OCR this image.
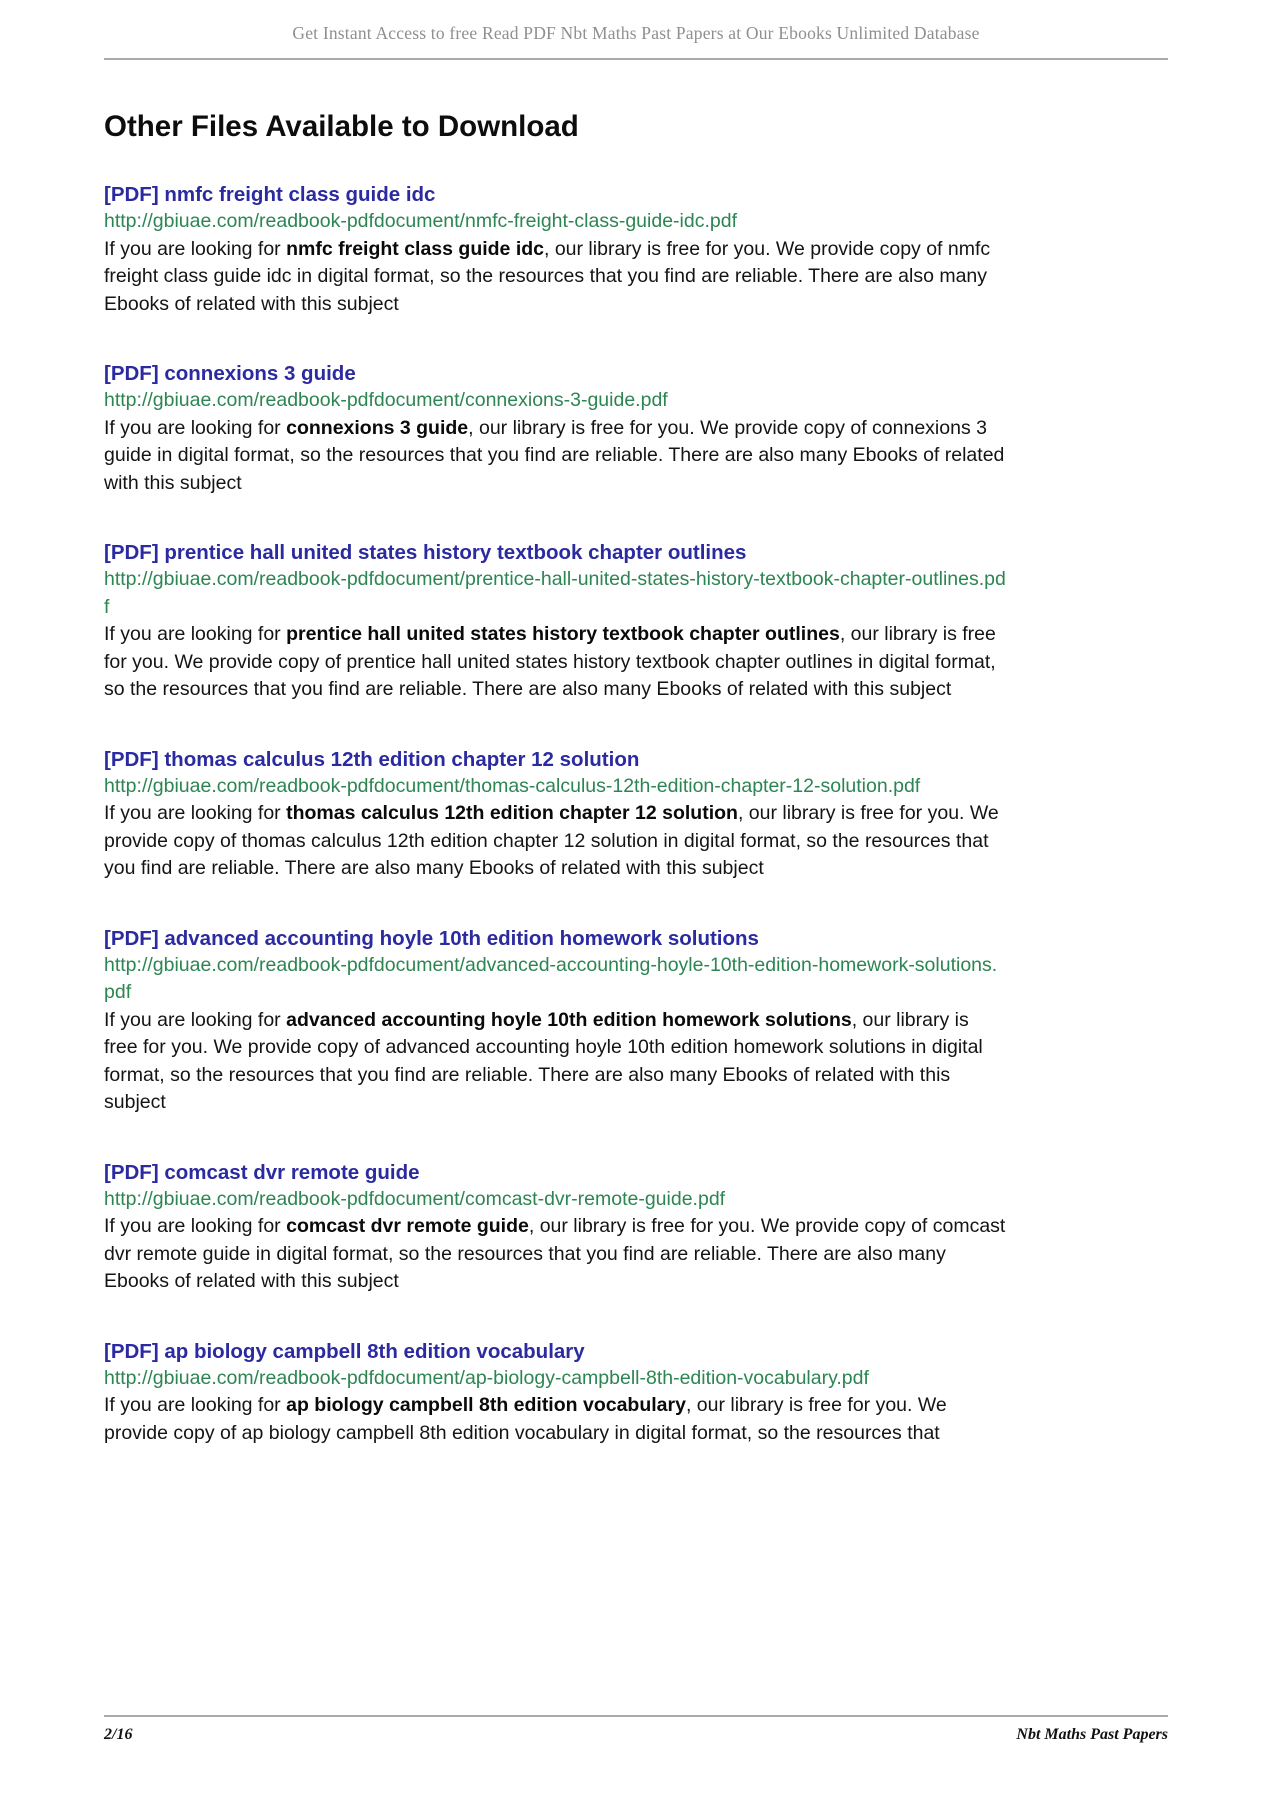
Get Instant Access to free Read PDF Nbt Maths Past Papers at Our Ebooks Unlimited Database
Other Files Available to Download
[PDF] nmfc freight class guide idc
http://gbiuae.com/readbook-pdfdocument/nmfc-freight-class-guide-idc.pdf

If you are looking for nmfc freight class guide idc, our library is free for you. We provide copy of nmfc freight class guide idc in digital format, so the resources that you find are reliable. There are also many Ebooks of related with this subject

[PDF] connexions 3 guide
http://gbiuae.com/readbook-pdfdocument/connexions-3-guide.pdf

If you are looking for connexions 3 guide, our library is free for you. We provide copy of connexions 3 guide in digital format, so the resources that you find are reliable. There are also many Ebooks of related with this subject

[PDF] prentice hall united states history textbook chapter outlines
http://gbiuae.com/readbook-pdfdocument/prentice-hall-united-states-history-textbook-chapter-outlines.pdf

If you are looking for prentice hall united states history textbook chapter outlines, our library is free for you. We provide copy of prentice hall united states history textbook chapter outlines in digital format, so the resources that you find are reliable. There are also many Ebooks of related with this subject

[PDF] thomas calculus 12th edition chapter 12 solution
http://gbiuae.com/readbook-pdfdocument/thomas-calculus-12th-edition-chapter-12-solution.pdf

If you are looking for thomas calculus 12th edition chapter 12 solution, our library is free for you. We provide copy of thomas calculus 12th edition chapter 12 solution in digital format, so the resources that you find are reliable. There are also many Ebooks of related with this subject

[PDF] advanced accounting hoyle 10th edition homework solutions
http://gbiuae.com/readbook-pdfdocument/advanced-accounting-hoyle-10th-edition-homework-solutions.pdf

If you are looking for advanced accounting hoyle 10th edition homework solutions, our library is free for you. We provide copy of advanced accounting hoyle 10th edition homework solutions in digital format, so the resources that you find are reliable. There are also many Ebooks of related with this subject

[PDF] comcast dvr remote guide
http://gbiuae.com/readbook-pdfdocument/comcast-dvr-remote-guide.pdf

If you are looking for comcast dvr remote guide, our library is free for you. We provide copy of comcast dvr remote guide in digital format, so the resources that you find are reliable. There are also many Ebooks of related with this subject

[PDF] ap biology campbell 8th edition vocabulary
http://gbiuae.com/readbook-pdfdocument/ap-biology-campbell-8th-edition-vocabulary.pdf

If you are looking for ap biology campbell 8th edition vocabulary, our library is free for you. We provide copy of ap biology campbell 8th edition vocabulary in digital format, so the resources that

2/16	Nbt Maths Past Papers
